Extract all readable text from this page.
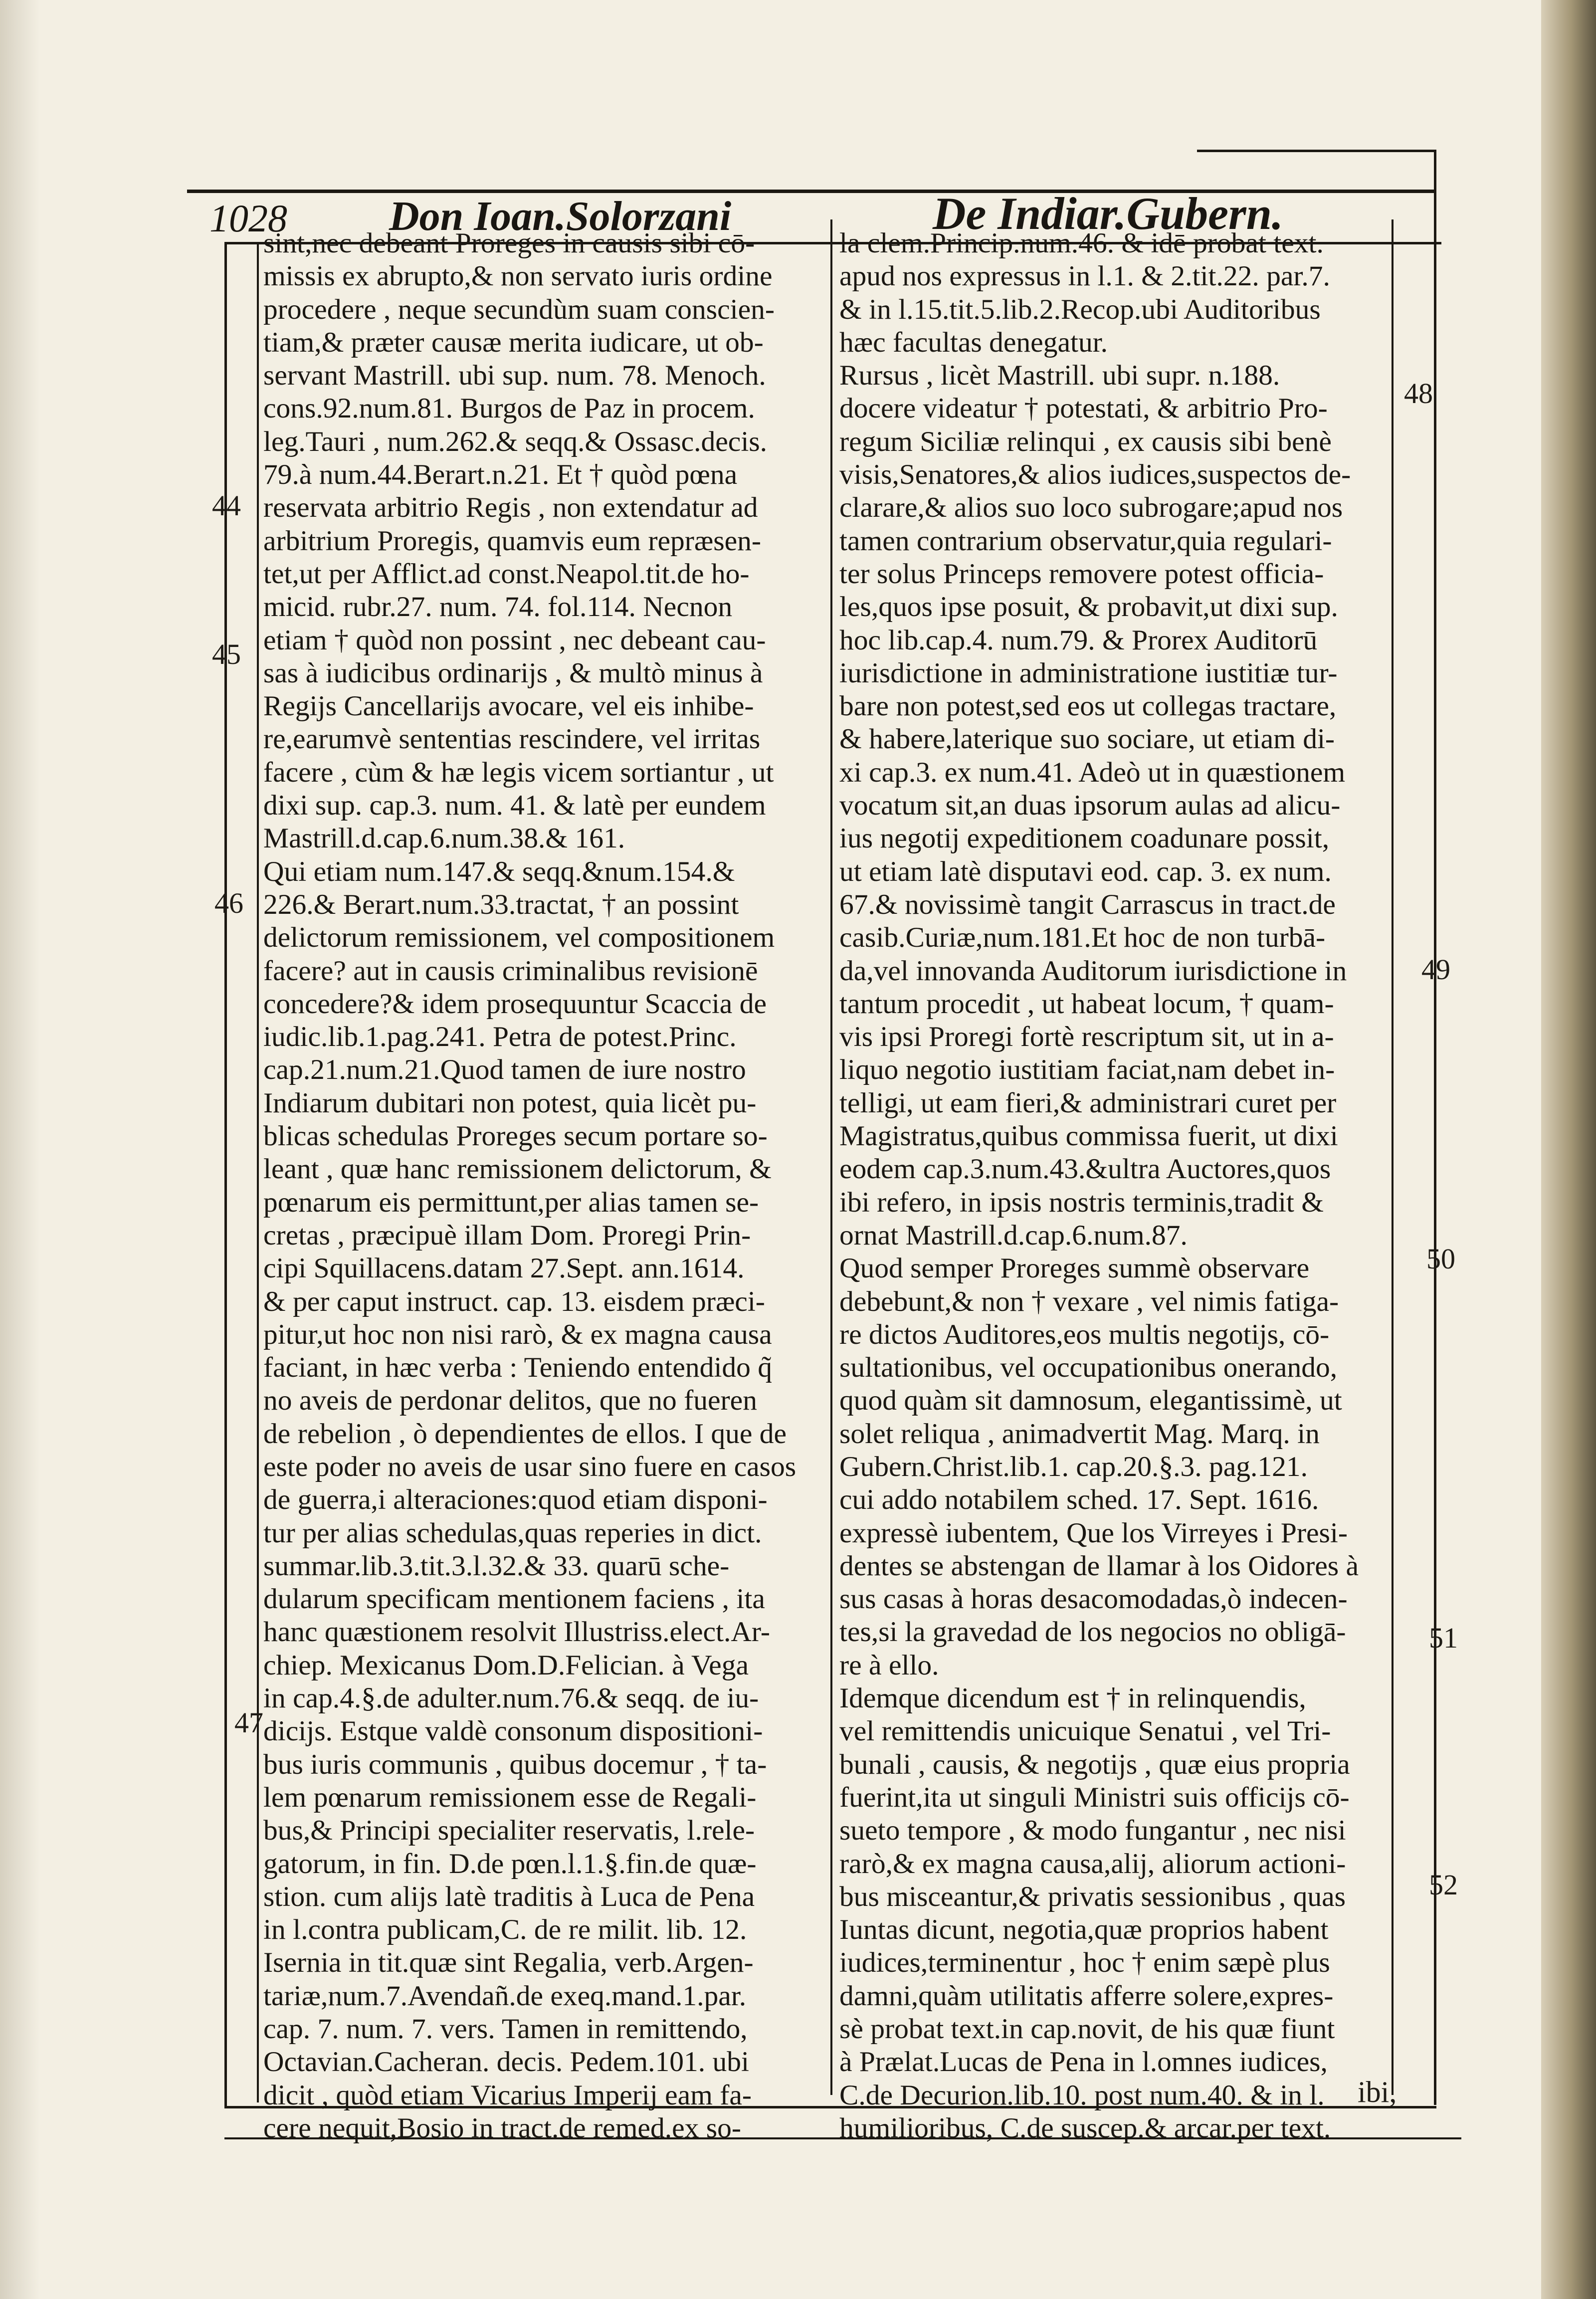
1028 Don Ioan.Solorzani	De Indiar.Gubern.
sint,nec debeant Proreges in causis sibi cō-
missis ex abrupto,& non servato iuris ordine
procedere , neque secundùm suam conscien-
tiam,& præter causæ merita iudicare, ut ob-
servant Mastrill. ubi sup. num. 78. Menoch.
cons.92.num.81. Burgos de Paz in procem.
leg.Tauri , num.262.& seqq.& Ossasc.decis.
79.à num.44.Berart.n.21. Et † quòd pœna
reservata arbitrio Regis , non extendatur ad
arbitrium Proregis, quamvis eum repræsen-
tet,ut per Afflict.ad const.Neapol.tit.de ho-
micid. rubr.27. num. 74. fol.114. Necnon
etiam † quòd non possint , nec debeant cau-
sas à iudicibus ordinarijs , & multò minus à
Regijs Cancellarijs avocare, vel eis inhibe-
re,earumvè sententias rescindere, vel irritas
facere , cùm & hæ legis vicem sortiantur , ut
dixi sup. cap.3. num. 41. & latè per eundem
Mastrill.d.cap.6.num.38.& 161.
Qui etiam num.147.& seqq.&num.154.&
226.& Berart.num.33.tractat, † an possint
delictorum remissionem, vel compositionem
facere? aut in causis criminalibus revisionē
concedere?& idem prosequuntur Scaccia de
iudic.lib.1.pag.241. Petra de potest.Princ.
cap.21.num.21.Quod tamen de iure nostro
Indiarum dubitari non potest, quia licèt pu-
blicas schedulas Proreges secum portare so-
leant , quæ hanc remissionem delictorum, &
pœnarum eis permittunt,per alias tamen se-
cretas , præcipuè illam Dom. Proregi Prin-
cipi Squillacens.datam 27.Sept. ann.1614.
& per caput instruct. cap. 13. eisdem præci-
pitur,ut hoc non nisi rarò, & ex magna causa
faciant, in hæc verba : Teniendo entendido q̃
no aveis de perdonar delitos, que no fueren
de rebelion , ò dependientes de ellos. I que de
este poder no aveis de usar sino fuere en casos
de guerra,i alteraciones:quod etiam disponi-
tur per alias schedulas,quas reperies in dict.
summar.lib.3.tit.3.l.32.& 33. quarū sche-
dularum specificam mentionem faciens , ita
hanc quæstionem resolvit Illustriss.elect.Ar-
chiep. Mexicanus Dom.D.Felician. à Vega
in cap.4.§.de adulter.num.76.& seqq. de iu-
dicijs. Estque valdè consonum dispositioni-
bus iuris communis , quibus docemur , † ta-
lem pœnarum remissionem esse de Regali-
bus,& Principi specialiter reservatis, l.rele-
gatorum, in fin. D.de pœn.l.1.§.fin.de quæ-
stion. cum alijs latè traditis à Luca de Pena
in l.contra publicam,C. de re milit. lib. 12.
Isernia in tit.quæ sint Regalia, verb.Argen-
tariæ,num.7.Avendañ.de exeq.mand.1.par.
cap. 7. num. 7. vers. Tamen in remittendo,
Octavian.Cacheran. decis. Pedem.101. ubi
dicit , quòd etiam Vicarius Imperij eam fa-
cere nequit,Bosio in tract.de remed.ex so-
la clem.Princip.num.46. & idē probat text.
apud nos expressus in l.1. & 2.tit.22. par.7.
& in l.15.tit.5.lib.2.Recop.ubi Auditoribus
hæc facultas denegatur.
Rursus , licèt Mastrill. ubi supr. n.188.
docere videatur † potestati, & arbitrio Pro-
regum Siciliæ relinqui , ex causis sibi benè
visis,Senatores,& alios iudices,suspectos de-
clarare,& alios suo loco subrogare;apud nos
tamen contrarium observatur,quia regulari-
ter solus Princeps removere potest officia-
les,quos ipse posuit, & probavit,ut dixi sup.
hoc lib.cap.4. num.79. & Prorex Auditorū
iurisdictione in administratione iustitiæ tur-
bare non potest,sed eos ut collegas tractare,
& habere,laterique suo sociare, ut etiam di-
xi cap.3. ex num.41. Adeò ut in quæstionem
vocatum sit,an duas ipsorum aulas ad alicu-
ius negotij expeditionem coadunare possit,
ut etiam latè disputavi eod. cap. 3. ex num.
67.& novissimè tangit Carrascus in tract.de
casib.Curiæ,num.181.Et hoc de non turbā-
da,vel innovanda Auditorum iurisdictione in
tantum procedit , ut habeat locum, † quam-
vis ipsi Proregi fortè rescriptum sit, ut in a-
liquo negotio iustitiam faciat,nam debet in-
telligi, ut eam fieri,& administrari curet per
Magistratus,quibus commissa fuerit, ut dixi
eodem cap.3.num.43.&ultra Auctores,quos
ibi refero, in ipsis nostris terminis,tradit &
ornat Mastrill.d.cap.6.num.87.
Quod semper Proreges summè observare
debebunt,& non † vexare , vel nimis fatiga-
re dictos Auditores,eos multis negotijs, cō-
sultationibus, vel occupationibus onerando,
quod quàm sit damnosum, elegantissimè, ut
solet reliqua , animadvertit Mag. Marq. in
Gubern.Christ.lib.1. cap.20.§.3. pag.121.
cui addo notabilem sched. 17. Sept. 1616.
expressè iubentem, Que los Virreyes i Presi-
dentes se abstengan de llamar à los Oidores à
sus casas à horas desacomodadas,ò indecen-
tes,si la gravedad de los negocios no obligā-
re à ello.
Idemque dicendum est † in relinquendis,
vel remittendis unicuique Senatui , vel Tri-
bunali , causis, & negotijs , quæ eius propria
fuerint,ita ut singuli Ministri suis officijs cō-
sueto tempore , & modo fungantur , nec nisi
rarò,& ex magna causa,alij, aliorum actioni-
bus misceantur,& privatis sessionibus , quas
Iuntas dicunt, negotia,quæ proprios habent
iudices,terminentur , hoc † enim sæpè plus
damni,quàm utilitatis afferre solere,expres-
sè probat text.in cap.novit, de his quæ fiunt
à Prælat.Lucas de Pena in l.omnes iudices,
C.de Decurion.lib.10. post num.40. & in l.
humilioribus, C.de suscep.& arcar.per text.
44
45
46
47
48
49
50
51
52
ibi,
